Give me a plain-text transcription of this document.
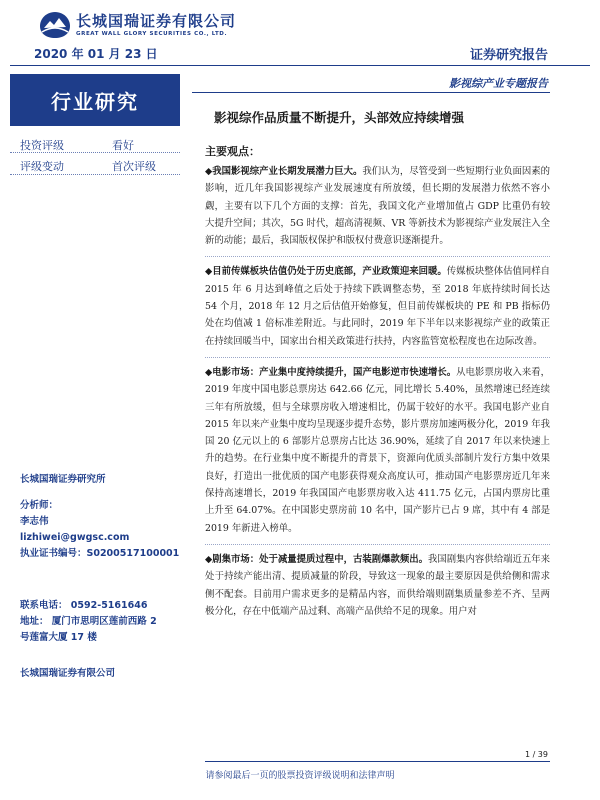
长城国瑞证券有限公司
GREAT WALL GLORY SECURITIES CO., LTD.
2020 年 01 月 23 日	证券研究报告
行业研究
影视综产业专题报告
影视综作品质量不断提升，头部效应持续增强
投资评级	看好
评级变动	首次评级
长城国瑞证券研究所
分析师：
李志伟
lizhiwei@gwgsc.com
执业证书编号：S0200517100001
联系电话： 0592-5161646
地址： 厦门市思明区莲前西路 2
号莲富大厦 17 楼
长城国瑞证券有限公司
主要观点：

◆我国影视综产业长期发展潜力巨大。我们认为，尽管受到一些短期行业负面因素的影响，近几年我国影视综产业发展速度有所放缓，但长期的发展潜力依然不容小觑，主要有以下几个方面的支撑：首先，我国文化产业增加值占 GDP 比重仍有较大提升空间；其次，5G 时代，超高清视频、VR 等新技术为影视综产业发展注入全新的动能；最后，我国版权保护和版权付费意识逐渐提升。

◆目前传媒板块估值仍处于历史底部，产业政策迎来回暖。传媒板块整体估值同样自 2015 年 6 月达到峰值之后处于持续下跌调整态势，至 2018 年底持续时间长达 54 个月，2018 年 12 月之后估值开始修复，但目前传媒板块的 PE 和 PB 指标仍处在均值减 1 倍标准差附近。与此同时，2019 年下半年以来影视综产业的政策正在持续回暖当中，国家出台相关政策进行扶持，内容监管宽松程度也在边际改善。

◆电影市场：产业集中度持续提升，国产电影逆市快速增长。从电影票房收入来看，2019 年度中国电影总票房达 642.66 亿元，同比增长 5.40%，虽然增速已经连续三年有所放缓，但与全球票房收入增速相比，仍属于较好的水平。我国电影产业自 2015 年以来产业集中度均呈现逐步提升态势，影片票房加速两极分化，2019 年我国 20 亿元以上的 6 部影片总票房占比达 36.90%，延续了自 2017 年以来快速上升的趋势。在行业集中度不断提升的背景下，资源向优质头部制片发行方集中效果良好，打造出一批优质的国产电影获得观众高度认可，推动国产电影票房近几年来保持高速增长，2019 年我国国产电影票房收入达 411.75 亿元，占国内票房比重上升至 64.07%。在中国影史票房前 10 名中，国产影片已占 9 席，其中有 4 部是 2019 年新进入榜单。

◆剧集市场：处于减量提质过程中，古装剧爆款频出。我国剧集内容供给端近五年来处于持续产能出清、提质减量的阶段，导致这一现象的最主要原因是供给侧和需求侧不配套。目前用户需求更多的是精品内容，而供给端则剧集质量参差不齐、呈两极分化，存在中低端产品过剩、高端产品供给不足的现象。用户对

1 / 39
请参阅最后一页的股票投资评级说明和法律声明
